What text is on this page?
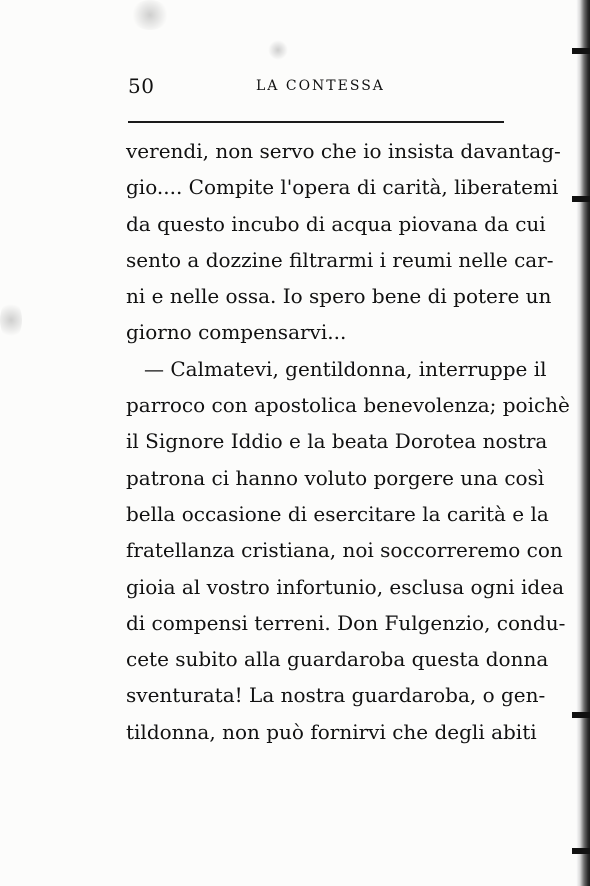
50	LA CONTESSA
verendi, non servo che io insista davantag-
gio.... Compite l'opera di carità, liberatemi
da questo incubo di acqua piovana da cui
sento a dozzine filtrarmi i reumi nelle car-
ni e nelle ossa. Io spero bene di potere un
giorno compensarvi...
— Calmatevi, gentildonna, interruppe il
parroco con apostolica benevolenza; poichè
il Signore Iddio e la beata Dorotea nostra
patrona ci hanno voluto porgere una così
bella occasione di esercitare la carità e la
fratellanza cristiana, noi soccorreremo con
gioia al vostro infortunio, esclusa ogni idea
di compensi terreni. Don Fulgenzio, condu-
cete subito alla guardaroba questa donna
sventurata! La nostra guardaroba, o gen-
tildonna, non può fornirvi che degli abiti
